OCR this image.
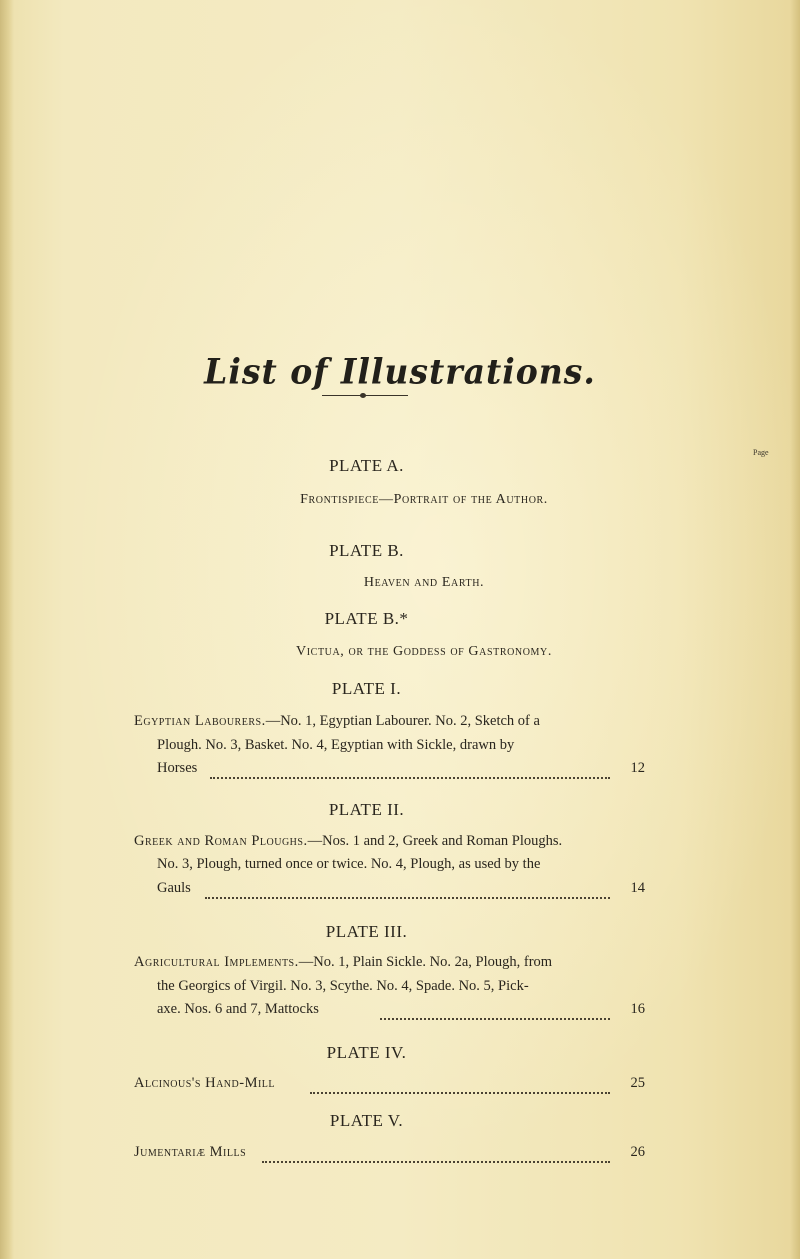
List of Illustrations.
Page
PLATE A.
Frontispiece—Portrait of the Author.
PLATE B.
Heaven and Earth.
PLATE B.*
Victua, or the Goddess of Gastronomy.
PLATE I.
Egyptian Labourers.—No. 1, Egyptian Labourer. No. 2, Sketch of a
Plough. No. 3, Basket. No. 4, Egyptian with Sickle, drawn by
Horses	12
PLATE II.
Greek and Roman Ploughs.—Nos. 1 and 2, Greek and Roman Ploughs.
No. 3, Plough, turned once or twice. No. 4, Plough, as used by the
Gauls	14
PLATE III.
Agricultural Implements.—No. 1, Plain Sickle. No. 2a, Plough, from
the Georgics of Virgil. No. 3, Scythe. No. 4, Spade. No. 5, Pick-
axe. Nos. 6 and 7, Mattocks	16
PLATE IV.
Alcinous's Hand-Mill	25
PLATE V.
Jumentariæ Mills	26
